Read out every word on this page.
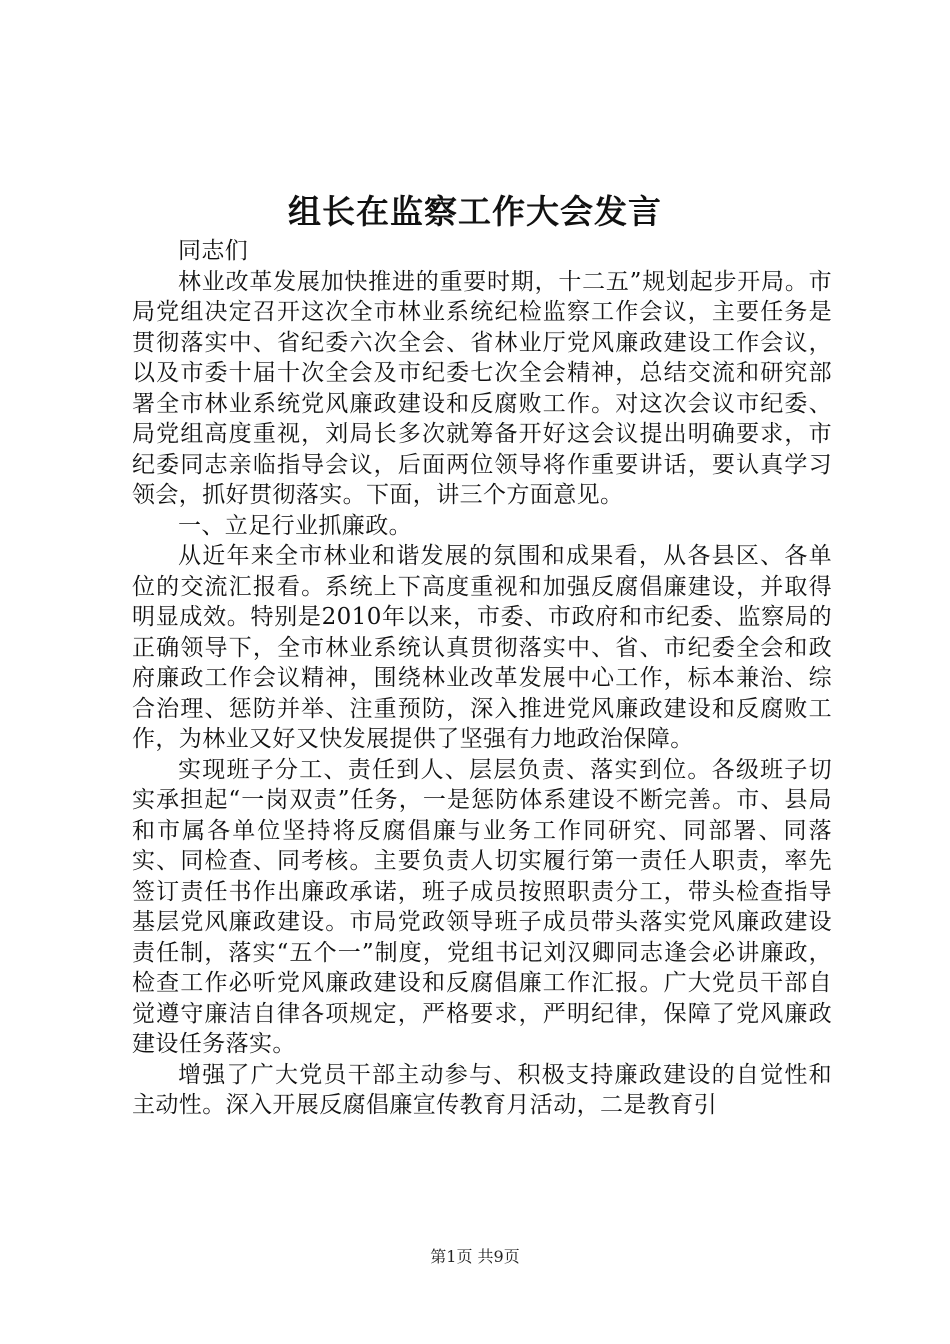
组长在监察工作大会发言

同志们

林业改革发展加快推进的重要时期，十二五”规划起步开局。市局党组决定召开这次全市林业系统纪检监察工作会议，主要任务是贯彻落实中、省纪委六次全会、省林业厅党风廉政建设工作会议，以及市委十届十次全会及市纪委七次全会精神，总结交流和研究部署全市林业系统党风廉政建设和反腐败工作。对这次会议市纪委、局党组高度重视，刘局长多次就筹备开好这会议提出明确要求，市纪委同志亲临指导会议，后面两位领导将作重要讲话，要认真学习领会，抓好贯彻落实。下面，讲三个方面意见。

一、立足行业抓廉政。

从近年来全市林业和谐发展的氛围和成果看，从各县区、各单位的交流汇报看。系统上下高度重视和加强反腐倡廉建设，并取得明显成效。特别是2010年以来，市委、市政府和市纪委、监察局的正确领导下，全市林业系统认真贯彻落实中、省、市纪委全会和政府廉政工作会议精神，围绕林业改革发展中心工作，标本兼治、综合治理、惩防并举、注重预防，深入推进党风廉政建设和反腐败工作，为林业又好又快发展提供了坚强有力地政治保障。

实现班子分工、责任到人、层层负责、落实到位。各级班子切实承担起“一岗双责”任务，一是惩防体系建设不断完善。市、县局和市属各单位坚持将反腐倡廉与业务工作同研究、同部署、同落实、同检查、同考核。主要负责人切实履行第一责任人职责，率先签订责任书作出廉政承诺，班子成员按照职责分工，带头检查指导基层党风廉政建设。市局党政领导班子成员带头落实党风廉政建设责任制，落实“五个一”制度，党组书记刘汉卿同志逢会必讲廉政，检查工作必听党风廉政建设和反腐倡廉工作汇报。广大党员干部自觉遵守廉洁自律各项规定，严格要求，严明纪律，保障了党风廉政建设任务落实。

增强了广大党员干部主动参与、积极支持廉政建设的自觉性和主动性。深入开展反腐倡廉宣传教育月活动，二是教育引

第1页 共9页
